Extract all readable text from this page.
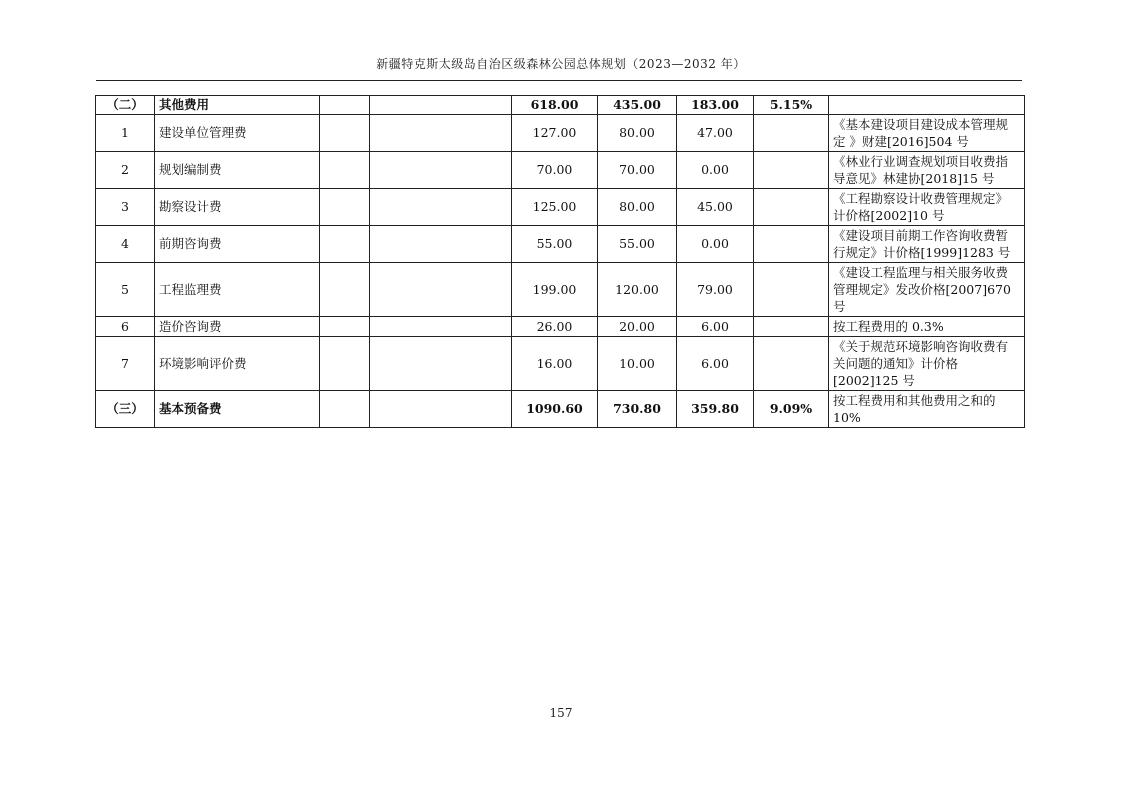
新疆特克斯太级岛自治区级森林公园总体规划（2023—2032 年）
（二）	其他费用			618.00	435.00	183.00	5.15%	
1	建设单位管理费			127.00	80.00	47.00		《基本建设项目建设成本管理规定 》财建[2016]504 号
2	规划编制费			70.00	70.00	0.00		《林业行业调查规划项目收费指导意见》林建协[2018]15 号
3	勘察设计费			125.00	80.00	45.00		《工程勘察设计收费管理规定》计价格[2002]10 号
4	前期咨询费			55.00	55.00	0.00		《建设项目前期工作咨询收费暂行规定》计价格[1999]1283 号
5	工程监理费			199.00	120.00	79.00		《建设工程监理与相关服务收费管理规定》发改价格[2007]670 号
6	造价咨询费			26.00	20.00	6.00		按工程费用的 0.3%
7	环境影响评价费			16.00	10.00	6.00		《关于规范环境影响咨询收费有关问题的通知》计价格[2002]125 号
（三）	基本预备费			1090.60	730.80	359.80	9.09%	按工程费用和其他费用之和的10%
157
